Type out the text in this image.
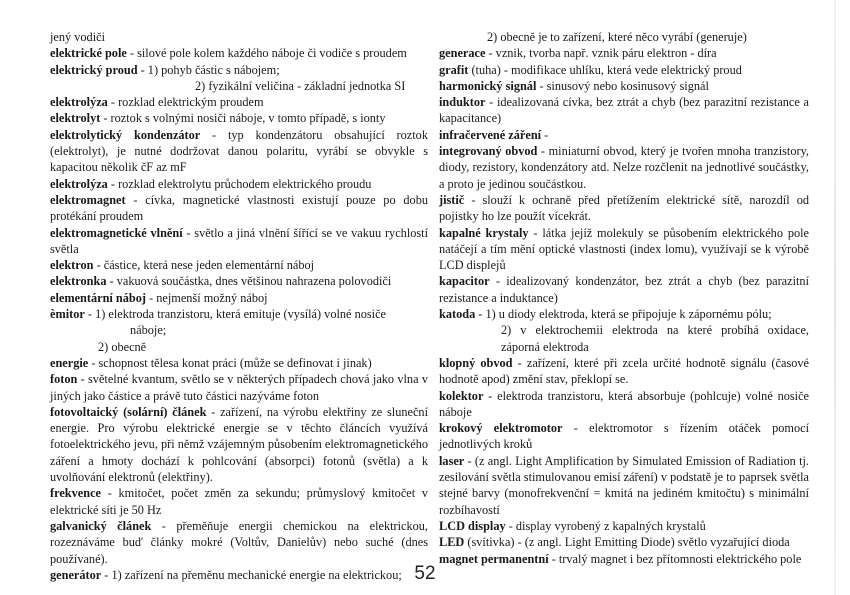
jený vodiči

elektrické pole - silové pole kolem každého náboje či vodiče s proudem

elektrický proud - 1) pohyb částic s nábojem;

2) fyzikální veličina - základní jednotka SI

elektrolýza - rozklad elektrickým proudem

elektrolyt - roztok s volnými nosiči náboje, v tomto případě, s ionty

elektrolytický kondenzátor - typ kondenzátoru obsahující roztok (elektrolyt), je nutné dodržovat danou polaritu, vyrábí se obvykle s kapacitou několik čF az mF

elektrolýza - rozklad elektrolytu průchodem elektrického proudu

elektromagnet - cívka, magnetické vlastnosti existují pouze po dobu protékání proudem

elektromagnetické vlnění - světlo a jiná vlnění šířící se ve vakuu rychlostí světla

elektron - částice, která nese jeden elementární náboj

elektronka - vakuová součástka, dnes většinou nahrazena polovodiči

elementární náboj - nejmenší možný náboj

èmitor - 1) elektroda tranzistoru, která emituje (vysílá) volné nosiče

náboje;
2) obecně

energie - schopnost tělesa konat práci (může se definovat i jinak)

foton - světelné kvantum, světlo se v některých případech chová jako vlna v jiných jako částice a právě tuto částici nazýváme foton

fotovoltaický (solární) článek - zařízení, na výrobu elektřiny ze sluneční energie. Pro výrobu elektrické energie se v těchto článcích využívá fotoelektrického jevu, při němž vzájemným působením elektromagnetického záření a hmoty dochází k pohlcování (absorpci) fotonů (světla) a k uvolňování elektronů (elektřiny).

frekvence - kmitočet, počet změn za sekundu; průmyslový kmitočet v elektrické síti je 50 Hz

galvanický článek - přeměňuje energii chemickou na elektrickou, rozeznáváme buď články mokré (Voltův, Danielův) nebo suché (dnes používané).

generátor - 1) zařízení na přeměnu mechanické energie na elektrickou;

2) obecně je to zařízení, které něco vyrábí (generuje)

generace - vznik, tvorba např. vznik páru elektron - díra

grafit (tuha) - modifikace uhlíku, která vede elektrický proud

harmonický signál - sinusový nebo kosinusový signál

induktor - idealizovaná cívka, bez ztrát a chyb (bez parazitní rezistance a kapacitance)

infračervené záření -

integrovaný obvod - miniaturní obvod, který je tvořen mnoha tranzistory, diody, rezistory, kondenzátory atd. Nelze rozčlenit na jednotlivé součástky, a proto je jedinou součástkou.

jistič - slouží k ochraně před přetížením elektrické sítě, narozdíl od pojistky ho lze použít vícekrát.

kapalné krystaly - látka jejíž molekuly se působením elektrického pole natáčejí a tím mění optické vlastnosti (index lomu), využívají se k výrobě LCD displejů

kapacitor - idealizovaný kondenzátor, bez ztrát a chyb (bez parazitní rezistance a induktance)

katoda - 1) u diody elektroda, která se připojuje k zápornému pólu;

2) v elektrochemii elektroda na které probíhá oxidace, záporná elektroda

klopný obvod - zařízení, které při zcela určité hodnotě signálu (časové hodnotě apod) změní stav, překlopí se.

kolektor - elektroda tranzistoru, která absorbuje (pohlcuje) volné nosiče náboje

krokový elektromotor - elektromotor s řízením otáček pomocí jednotlivých kroků

laser - (z angl. Light Amplification by Simulated Emission of Radiation tj. zesilování světla stimulovanou emisí záření) v podstatě je to paprsek světla stejné barvy (monofrekvenční = kmitá na jediném kmitočtu) s minimální rozbíhavostí

LCD display - display vyrobený z kapalných krystalů

LED (svítivka) - (z angl. Light Emitting Diode) světlo vyzařující dioda

magnet permanentní - trvalý magnet i bez přítomnosti elektrického pole

52
